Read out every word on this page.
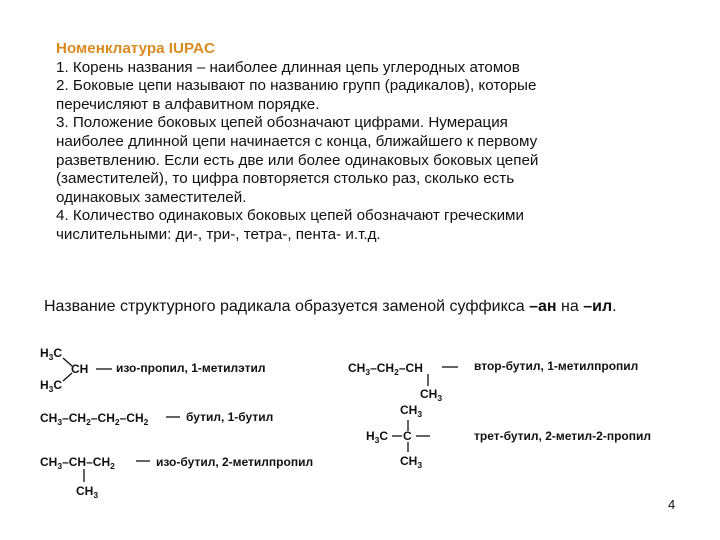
Номенклатура IUPAC
1. Корень названия – наиболее длинная цепь углеродных атомов
2. Боковые цепи называют по названию групп (радикалов), которые
перечисляют в алфавитном порядке.
3. Положение боковых цепей обозначают цифрами. Нумерация
наиболее длинной цепи начинается с конца, ближайшего к первому
разветвлению. Если есть две или более одинаковых боковых цепей
(заместителей), то цифра повторяется столько раз, сколько есть
одинаковых заместителей.
4. Количество одинаковых боковых цепей обозначают греческими
числительными: ди-, три-, тетра-, пента- и.т.д.
Название структурного радикала образуется заменой суффикса –ан на –ил.
$H_3C$
$H_3C$
CH изо-пропил, 1-метилэтил
$CH_3-CH_2-CH_2-CH_2$	бутил, 1-бутил
$CH_3-CH-CH_2$
$CH_3$
изо-бутил, 2-метилпропил
$CH_3-CH_2-CH$
$CH_3$
втор-бутил, 1-метилпропил
$CH_3$
$H_3C$ C
$CH_3$
трет-бутил, 2-метил-2-пропил
4
